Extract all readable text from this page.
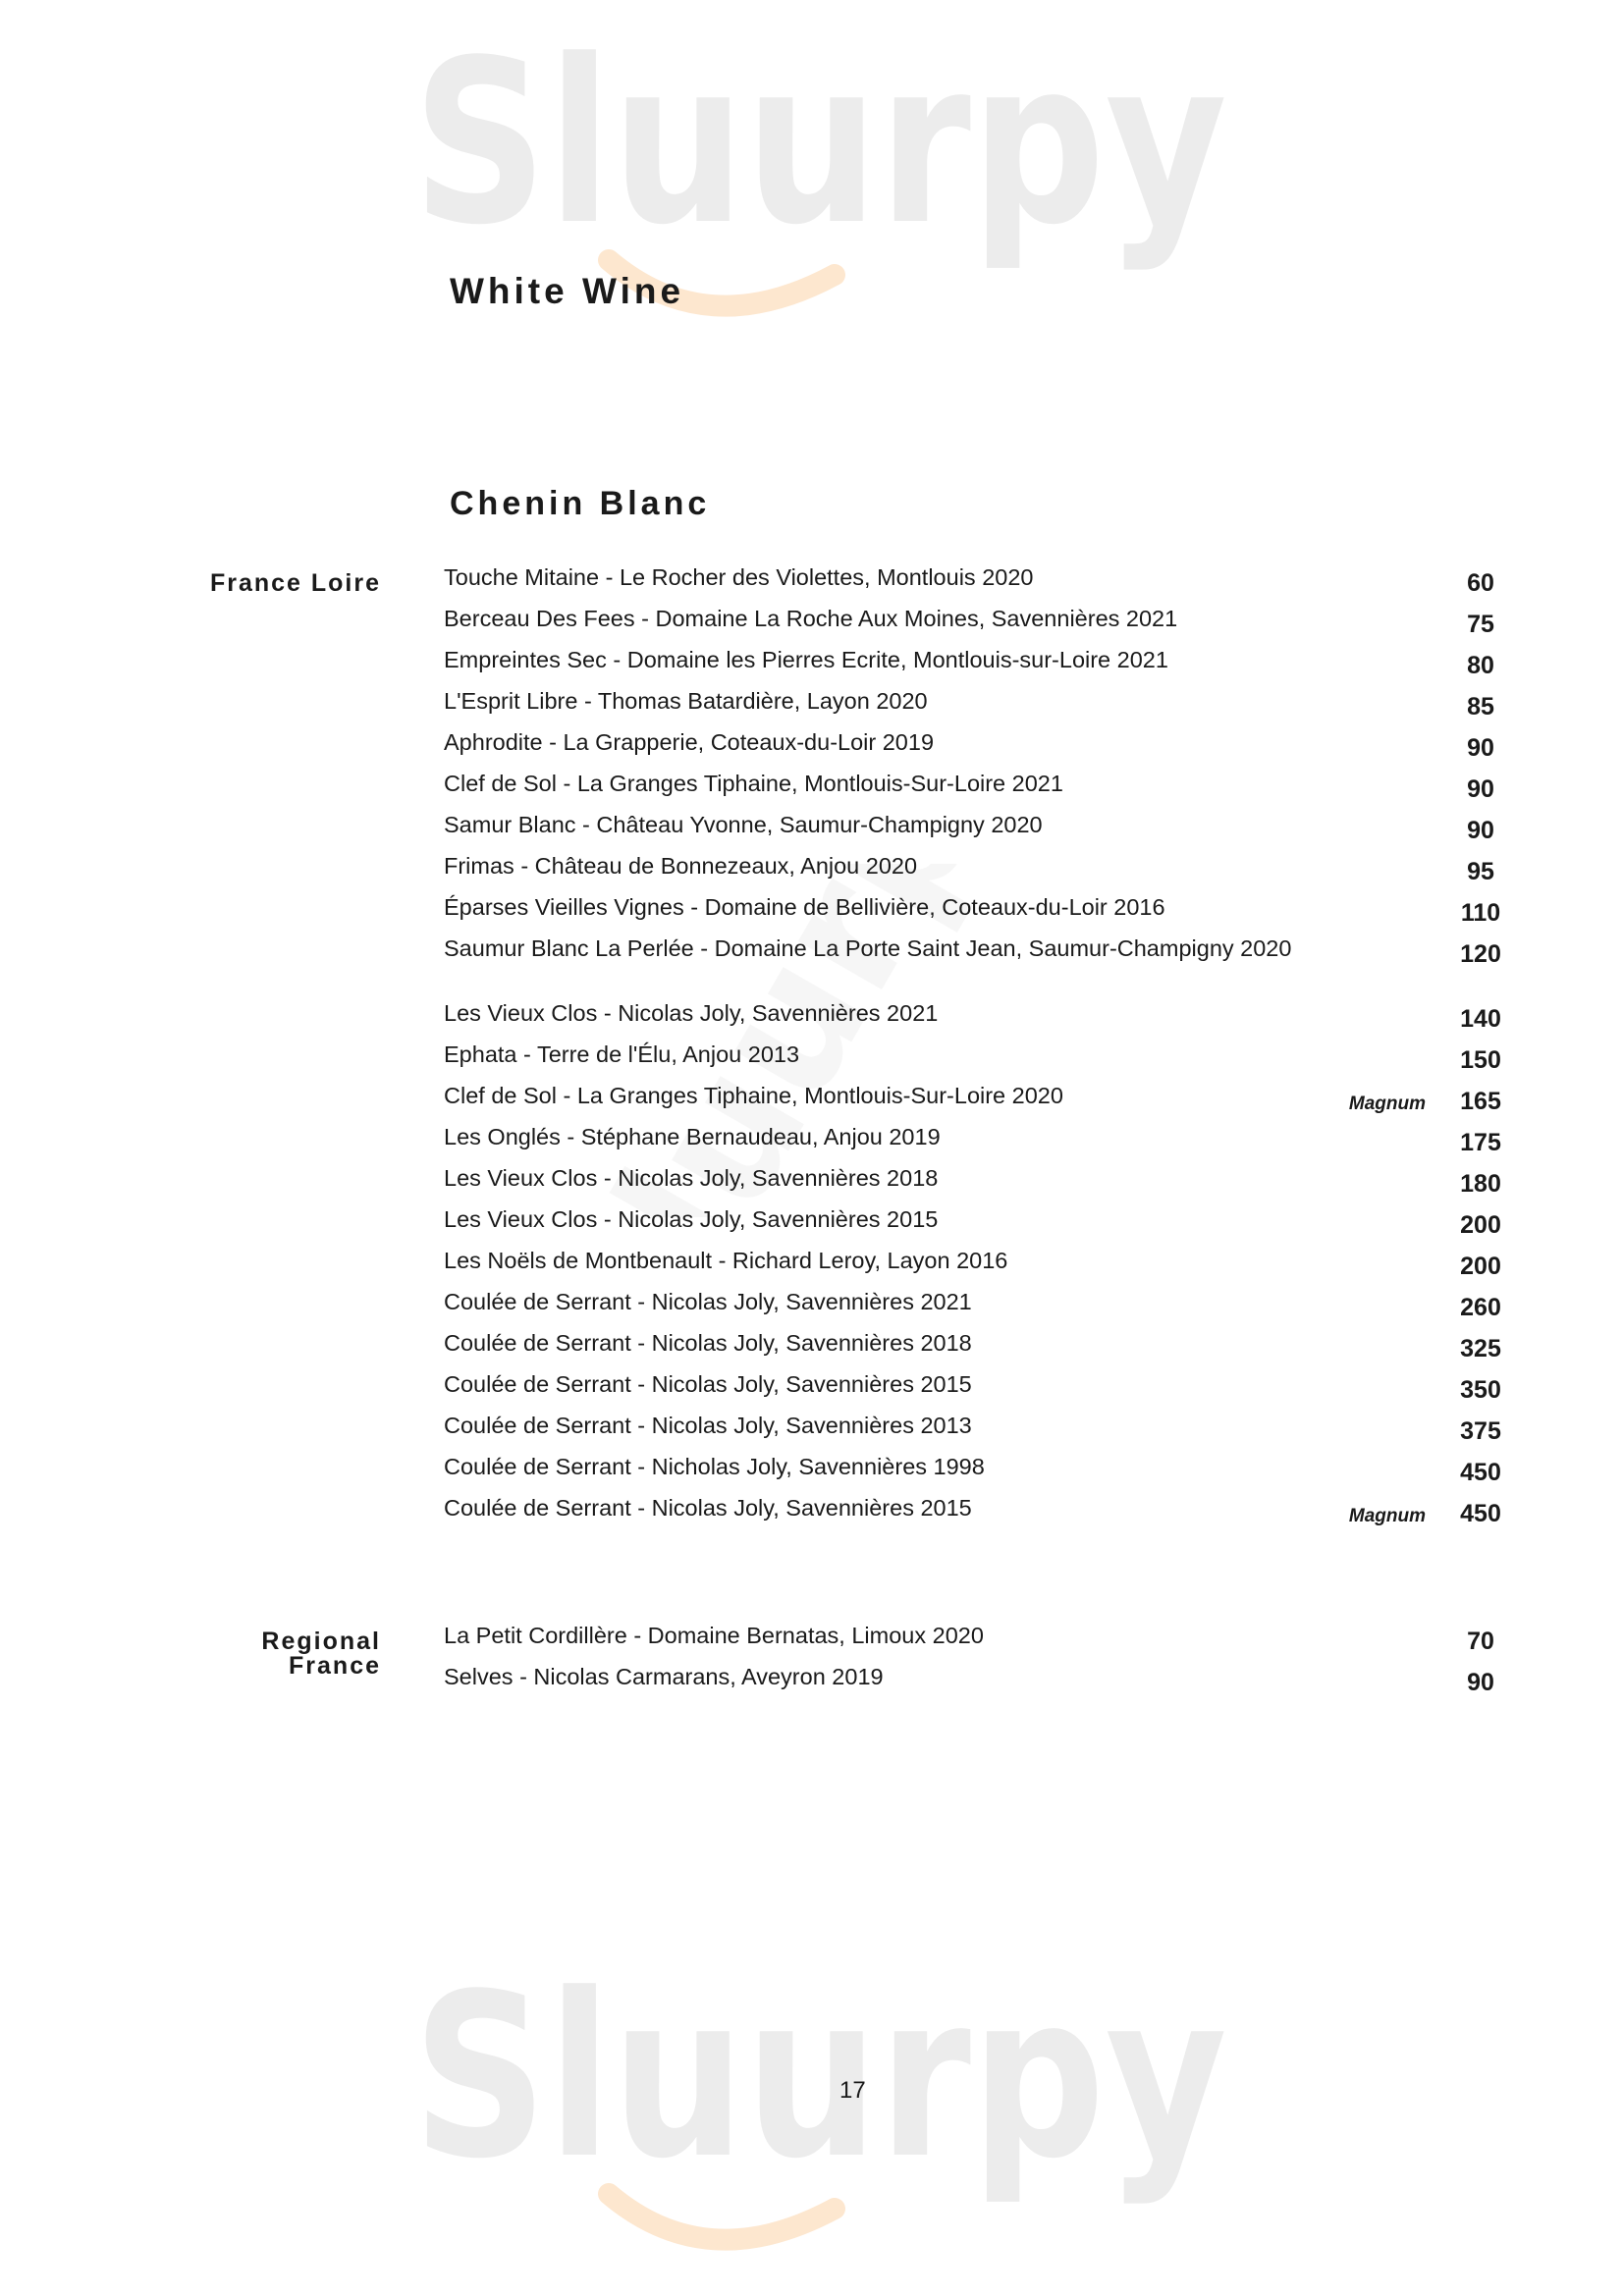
Sluurpy
Sluurpy
White Wine
Chenin Blanc
France Loire	Touche Mitaine - Le Rocher des Violettes, Montlouis 2020	60
Berceau Des Fees - Domaine La Roche Aux Moines, Savennières 2021	75
Empreintes Sec - Domaine les Pierres Ecrite, Montlouis-sur-Loire 2021	80
L'Esprit Libre - Thomas Batardière, Layon 2020	85
Aphrodite - La Grapperie, Coteaux-du-Loir 2019	90
Clef de Sol - La Granges Tiphaine, Montlouis-Sur-Loire 2021	90
Samur Blanc - Château Yvonne, Saumur-Champigny 2020	90
Frimas - Château de Bonnezeaux, Anjou 2020	95
Éparses Vieilles Vignes - Domaine de Bellivière, Coteaux-du-Loir 2016	110
Saumur Blanc La Perlée - Domaine La Porte Saint Jean, Saumur-Champigny 2020	120
Les Vieux Clos - Nicolas Joly, Savennières 2021	140
Ephata - Terre de l'Élu, Anjou 2013	150
Clef de Sol - La Granges Tiphaine, Montlouis-Sur-Loire 2020	Magnum	165
Les Onglés - Stéphane Bernaudeau, Anjou 2019	175
Les Vieux Clos - Nicolas Joly, Savennières 2018	180
Les Vieux Clos - Nicolas Joly, Savennières 2015	200
Les Noëls de Montbenault - Richard Leroy, Layon 2016	200
Coulée de Serrant - Nicolas Joly, Savennières 2021	260
Coulée de Serrant - Nicolas Joly, Savennières 2018	325
Coulée de Serrant - Nicolas Joly, Savennières 2015	350
Coulée de Serrant - Nicolas Joly, Savennières 2013	375
Coulée de Serrant - Nicholas Joly, Savennières 1998	450
Coulée de Serrant - Nicolas Joly, Savennières 2015	Magnum	450
Regional France
La Petit Cordillère - Domaine Bernatas, Limoux 2020	70
Selves - Nicolas Carmarans, Aveyron 2019	90
17
